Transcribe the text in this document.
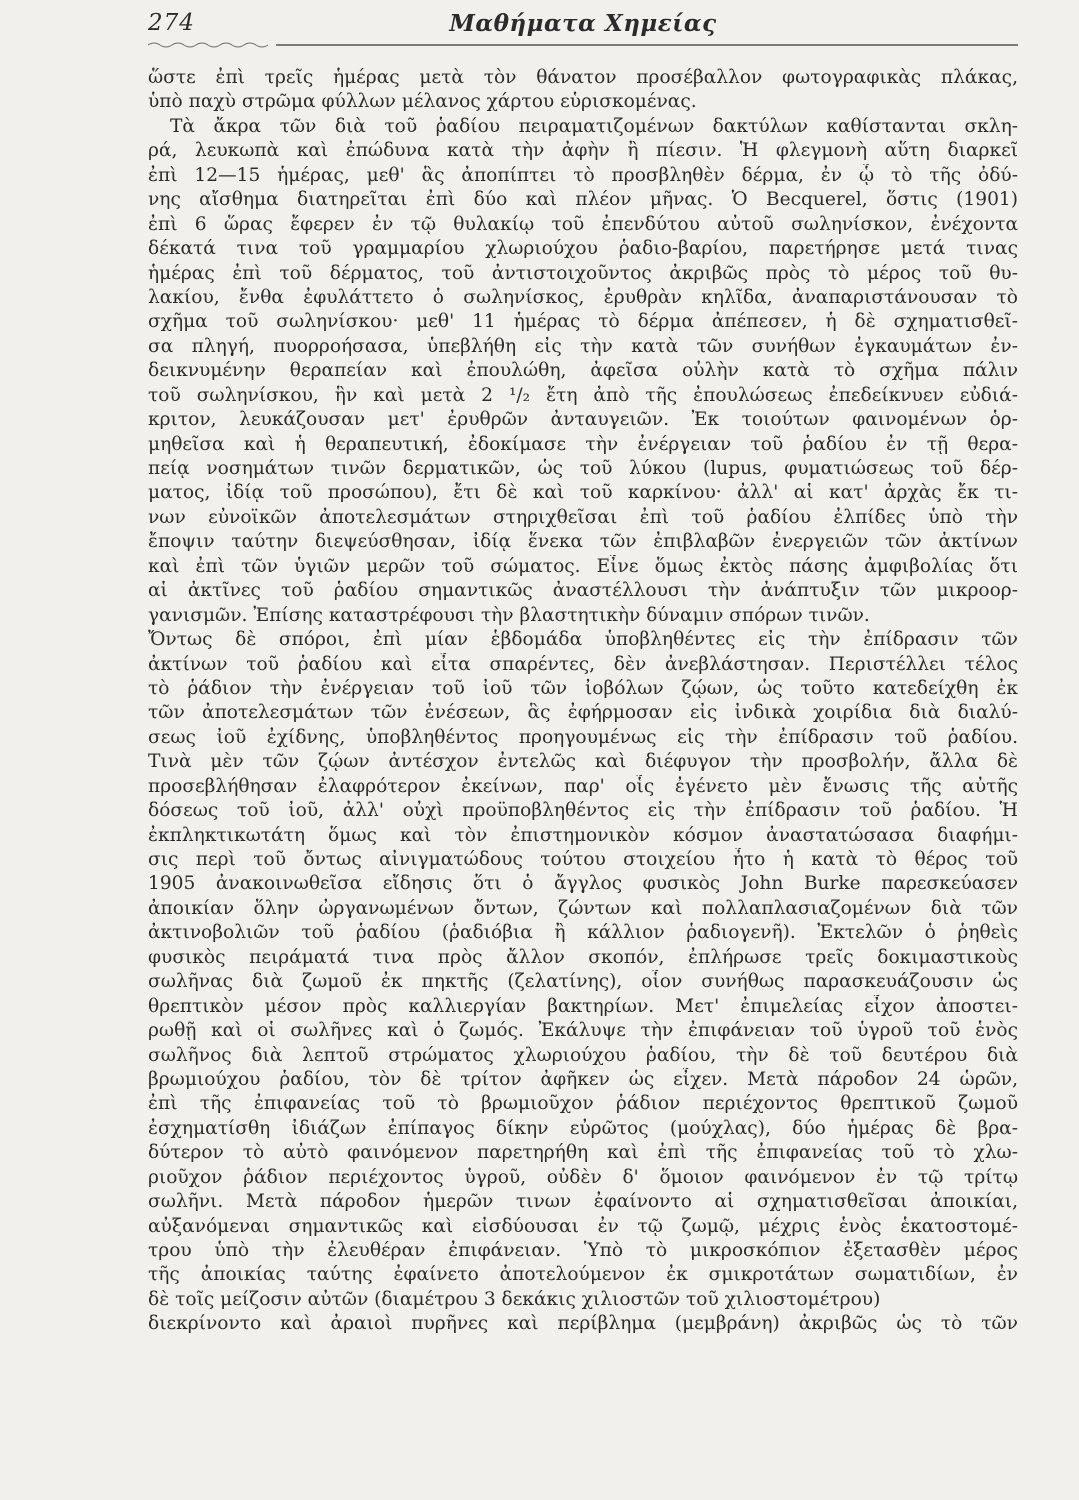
274	Μαθήματα Χημείας
ὥστε ἐπὶ τρεῖς ἡμέρας μετὰ τὸν θάνατον προσέβαλλον φωτογραφικὰς πλάκας,
ὑπὸ παχὺ στρῶμα φύλλων μέλανος χάρτου εὑρισκομένας.
Τὰ ἄκρα τῶν διὰ τοῦ ῥαδίου πειραματιζομένων δακτύλων καθίστανται σκλη-
ρά, λευκωπὰ καὶ ἐπώδυνα κατὰ τὴν ἀφὴν ἢ πίεσιν. Ἡ φλεγμονὴ αὕτη διαρκεῖ
ἐπὶ 12—15 ἡμέρας, μεθ' ἃς ἀποπίπτει τὸ προσβληθὲν δέρμα, ἐν ᾧ τὸ τῆς ὀδύ-
νης αἴσθημα διατηρεῖται ἐπὶ δύο καὶ πλέον μῆνας. Ὁ Becquerel, ὅστις (1901)
ἐπὶ 6 ὥρας ἔφερεν ἐν τῷ θυλακίῳ τοῦ ἐπενδύτου αὐτοῦ σωληνίσκον, ἐνέχοντα
δέκατά τινα τοῦ γραμμαρίου χλωριούχου ῥαδιο-βαρίου, παρετήρησε μετά τινας
ἡμέρας ἐπὶ τοῦ δέρματος, τοῦ ἀντιστοιχοῦντος ἀκριβῶς πρὸς τὸ μέρος τοῦ θυ-
λακίου, ἔνθα ἐφυλάττετο ὁ σωληνίσκος, ἐρυθρὰν κηλῖδα, ἀναπαριστάνουσαν τὸ
σχῆμα τοῦ σωληνίσκου· μεθ' 11 ἡμέρας τὸ δέρμα ἀπέπεσεν, ἡ δὲ σχηματισθεῖ-
σα πληγή, πυορροήσασα, ὑπεβλήθη εἰς τὴν κατὰ τῶν συνήθων ἐγκαυμάτων ἐν-
δεικνυμένην θεραπείαν καὶ ἐπουλώθη, ἀφεῖσα οὐλὴν κατὰ τὸ σχῆμα πάλιν
τοῦ σωληνίσκου, ἣν καὶ μετὰ 2 ¹/₂ ἔτη ἀπὸ τῆς ἐπουλώσεως ἐπεδείκνυεν εὐδιά-
κριτον, λευκάζουσαν μετ' ἐρυθρῶν ἀνταυγειῶν. Ἐκ τοιούτων φαινομένων ὁρ-
μηθεῖσα καὶ ἡ θεραπευτική, ἐδοκίμασε τὴν ἐνέργειαν τοῦ ῥαδίου ἐν τῇ θερα-
πείᾳ νοσημάτων τινῶν δερματικῶν, ὡς τοῦ λύκου (lupus, φυματιώσεως τοῦ δέρ-
ματος, ἰδίᾳ τοῦ προσώπου), ἔτι δὲ καὶ τοῦ καρκίνου· ἀλλ' αἱ κατ' ἀρχὰς ἔκ τι-
νων εὐνοϊκῶν ἀποτελεσμάτων στηριχθεῖσαι ἐπὶ τοῦ ῥαδίου ἐλπίδες ὑπὸ τὴν
ἔποψιν ταύτην διεψεύσθησαν, ἰδίᾳ ἕνεκα τῶν ἐπιβλαβῶν ἐνεργειῶν τῶν ἀκτίνων
καὶ ἐπὶ τῶν ὑγιῶν μερῶν τοῦ σώματος. Εἶνε ὅμως ἐκτὸς πάσης ἀμφιβολίας ὅτι
αἱ ἀκτῖνες τοῦ ῥαδίου σημαντικῶς ἀναστέλλουσι τὴν ἀνάπτυξιν τῶν μικροορ-
γανισμῶν. Ἐπίσης καταστρέφουσι τὴν βλαστητικὴν δύναμιν σπόρων τινῶν.
Ὄντως δὲ σπόροι, ἐπὶ μίαν ἑβδομάδα ὑποβληθέντες εἰς τὴν ἐπίδρασιν τῶν
ἀκτίνων τοῦ ῥαδίου καὶ εἶτα σπαρέντες, δὲν ἀνεβλάστησαν. Περιστέλλει τέλος
τὸ ῥάδιον τὴν ἐνέργειαν τοῦ ἰοῦ τῶν ἰοβόλων ζῴων, ὡς τοῦτο κατεδείχθη ἐκ
τῶν ἀποτελεσμάτων τῶν ἐνέσεων, ἃς ἐφήρμοσαν εἰς ἰνδικὰ χοιρίδια διὰ διαλύ-
σεως ἰοῦ ἐχίδνης, ὑποβληθέντος προηγουμένως εἰς τὴν ἐπίδρασιν τοῦ ῥαδίου.
Τινὰ μὲν τῶν ζῴων ἀντέσχον ἐντελῶς καὶ διέφυγον τὴν προσβολήν, ἄλλα δὲ
προσεβλήθησαν ἐλαφρότερον ἐκείνων, παρ' οἷς ἐγένετο μὲν ἔνωσις τῆς αὐτῆς
δόσεως τοῦ ἰοῦ, ἀλλ' οὐχὶ προϋποβληθέντος εἰς τὴν ἐπίδρασιν τοῦ ῥαδίου. Ἡ
ἐκπληκτικωτάτη ὅμως καὶ τὸν ἐπιστημονικὸν κόσμον ἀναστατώσασα διαφήμι-
σις περὶ τοῦ ὄντως αἰνιγματώδους τούτου στοιχείου ἦτο ἡ κατὰ τὸ θέρος τοῦ
1905 ἀνακοινωθεῖσα εἴδησις ὅτι ὁ ἄγγλος φυσικὸς John Burke παρεσκεύασεν
ἀποικίαν ὅλην ὠργανωμένων ὄντων, ζώντων καὶ πολλαπλασιαζομένων διὰ τῶν
ἀκτινοβολιῶν τοῦ ῥαδίου (ῥαδιόβια ἢ κάλλιον ῥαδιογενῆ). Ἐκτελῶν ὁ ῥηθεὶς
φυσικὸς πειράματά τινα πρὸς ἄλλον σκοπόν, ἐπλήρωσε τρεῖς δοκιμαστικοὺς
σωλῆνας διὰ ζωμοῦ ἐκ πηκτῆς (ζελατίνης), οἷον συνήθως παρασκευάζουσιν ὡς
θρεπτικὸν μέσον πρὸς καλλιεργίαν βακτηρίων. Μετ' ἐπιμελείας εἶχον ἀποστει-
ρωθῇ καὶ οἱ σωλῆνες καὶ ὁ ζωμός. Ἐκάλυψε τὴν ἐπιφάνειαν τοῦ ὑγροῦ τοῦ ἑνὸς
σωλῆνος διὰ λεπτοῦ στρώματος χλωριούχου ῥαδίου, τὴν δὲ τοῦ δευτέρου διὰ
βρωμιούχου ῥαδίου, τὸν δὲ τρίτον ἀφῆκεν ὡς εἶχεν. Μετὰ πάροδον 24 ὡρῶν,
ἐπὶ τῆς ἐπιφανείας τοῦ τὸ βρωμιοῦχον ῥάδιον περιέχοντος θρεπτικοῦ ζωμοῦ
ἐσχηματίσθη ἰδιάζων ἐπίπαγος δίκην εὐρῶτος (μούχλας), δύο ἡμέρας δὲ βρα-
δύτερον τὸ αὐτὸ φαινόμενον παρετηρήθη καὶ ἐπὶ τῆς ἐπιφανείας τοῦ τὸ χλω-
ριοῦχον ῥάδιον περιέχοντος ὑγροῦ, οὐδὲν δ' ὅμοιον φαινόμενον ἐν τῷ τρίτῳ
σωλῆνι. Μετὰ πάροδον ἡμερῶν τινων ἐφαίνοντο αἱ σχηματισθεῖσαι ἀποικίαι,
αὐξανόμεναι σημαντικῶς καὶ εἰσδύουσαι ἐν τῷ ζωμῷ, μέχρις ἑνὸς ἑκατοστομέ-
τρου ὑπὸ τὴν ἐλευθέραν ἐπιφάνειαν. Ὑπὸ τὸ μικροσκόπιον ἐξετασθὲν μέρος
τῆς ἀποικίας ταύτης ἐφαίνετο ἀποτελούμενον ἐκ σμικροτάτων σωματιδίων, ἐν
δὲ τοῖς μείζοσιν αὐτῶν (διαμέτρου 3 δεκάκις χιλιοστῶν τοῦ χιλιοστομέτρου)
διεκρίνοντο καὶ ἀραιοὶ πυρῆνες καὶ περίβλημα (μεμβράνη) ἀκριβῶς ὡς τὸ τῶν
